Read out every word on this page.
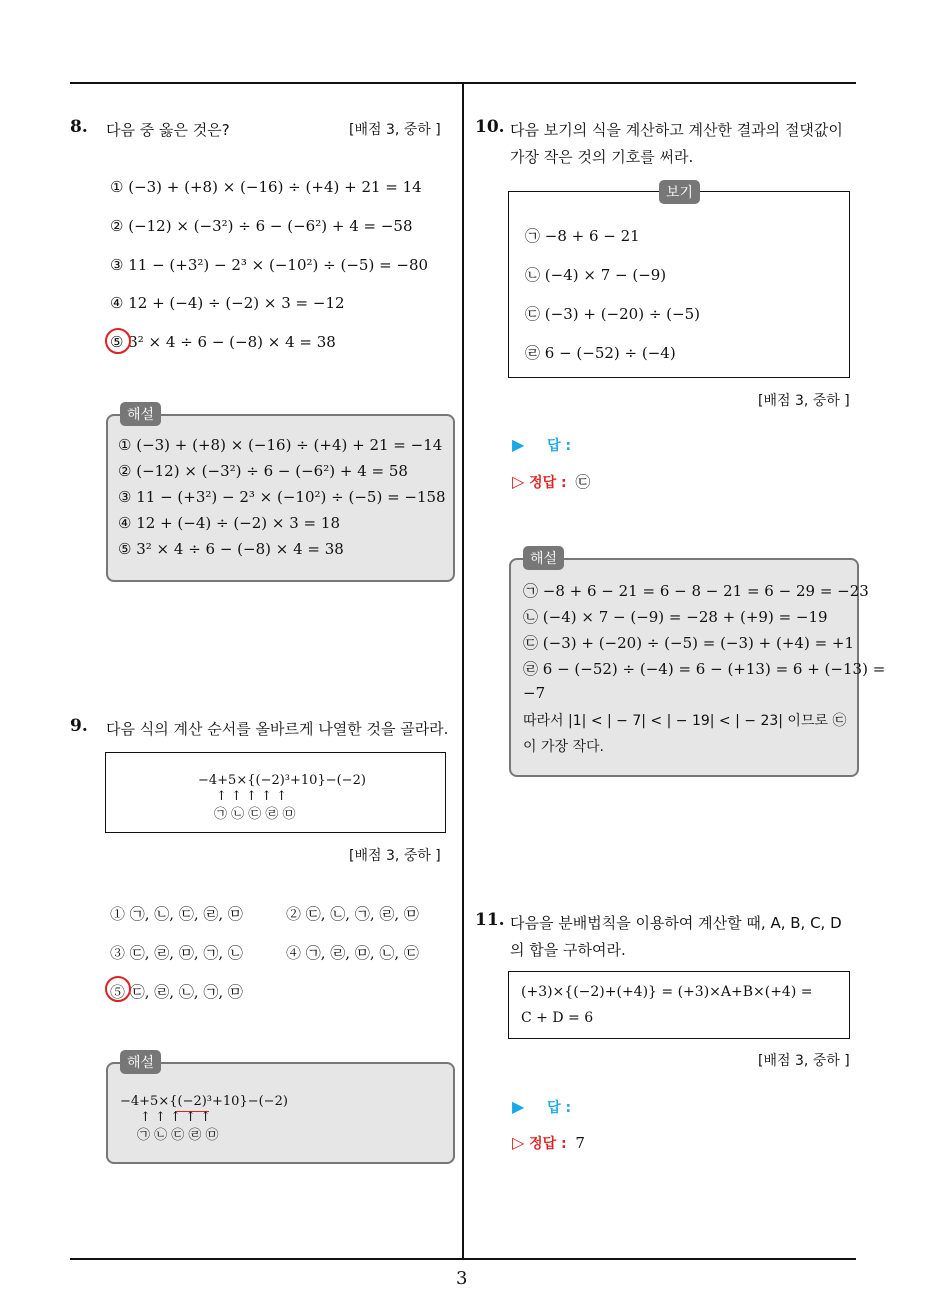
8. 다음 중 옳은 것은?	[배점 3, 중하 ]
① (−3) + (+8) × (−16) ÷ (+4) + 21 = 14
② (−12) × (−3²) ÷ 6 − (−6²) + 4 = −58
③ 11 − (+3²) − 2³ × (−10²) ÷ (−5) = −80
④ 12 + (−4) ÷ (−2) × 3 = −12
⑤ 3² × 4 ÷ 6 − (−8) × 4 = 38
해설
① (−3) + (+8) × (−16) ÷ (+4) + 21 = −14
② (−12) × (−3²) ÷ 6 − (−6²) + 4 = 58
③ 11 − (+3²) − 2³ × (−10²) ÷ (−5) = −158
④ 12 + (−4) ÷ (−2) × 3 = 18
⑤ 3² × 4 ÷ 6 − (−8) × 4 = 38
9. 다음 식의 계산 순서를 올바르게 나열한 것을 골라라.
−4+5×{(−2)³+10}−(−2)
↑ ↑ ↑ ↑ ↑
㉠ ㉡ ㉢ ㉣ ㉤
[배점 3, 중하 ]
① ㉠, ㉡, ㉢, ㉣, ㉤	② ㉢, ㉡, ㉠, ㉣, ㉤
③ ㉢, ㉣, ㉤, ㉠, ㉡	④ ㉠, ㉣, ㉤, ㉡, ㉢
⑤ ㉢, ㉣, ㉡, ㉠, ㉤
해설
−4+5×{(−2)³+10}−(−2)
↑ ↑ ↑ ↑ ↑
㉠ ㉡ ㉢ ㉣ ㉤
10. 다음 보기의 식을 계산하고 계산한 결과의 절댓값이
가장 작은 것의 기호를 써라.
보기
㉠ −8 + 6 − 21
㉡ (−4) × 7 − (−9)
㉢ (−3) + (−20) ÷ (−5)
㉣ 6 − (−52) ÷ (−4)
[배점 3, 중하 ]
▶ 답 :
▷ 정답 : ㉢
해설
㉠ −8 + 6 − 21 = 6 − 8 − 21 = 6 − 29 = −23
㉡ (−4) × 7 − (−9) = −28 + (+9) = −19
㉢ (−3) + (−20) ÷ (−5) = (−3) + (+4) = +1
㉣ 6 − (−52) ÷ (−4) = 6 − (+13) = 6 + (−13) =
−7
따라서 |1| < | − 7| < | − 19| < | − 23| 이므로 ㉢
이 가장 작다.
11. 다음을 분배법칙을 이용하여 계산할 때, A, B, C, D
의 합을 구하여라.
(+3)×{(−2)+(+4)} = (+3)×A+B×(+4) =
C + D = 6
[배점 3, 중하 ]
▶ 답 :
▷ 정답 : 7
3
